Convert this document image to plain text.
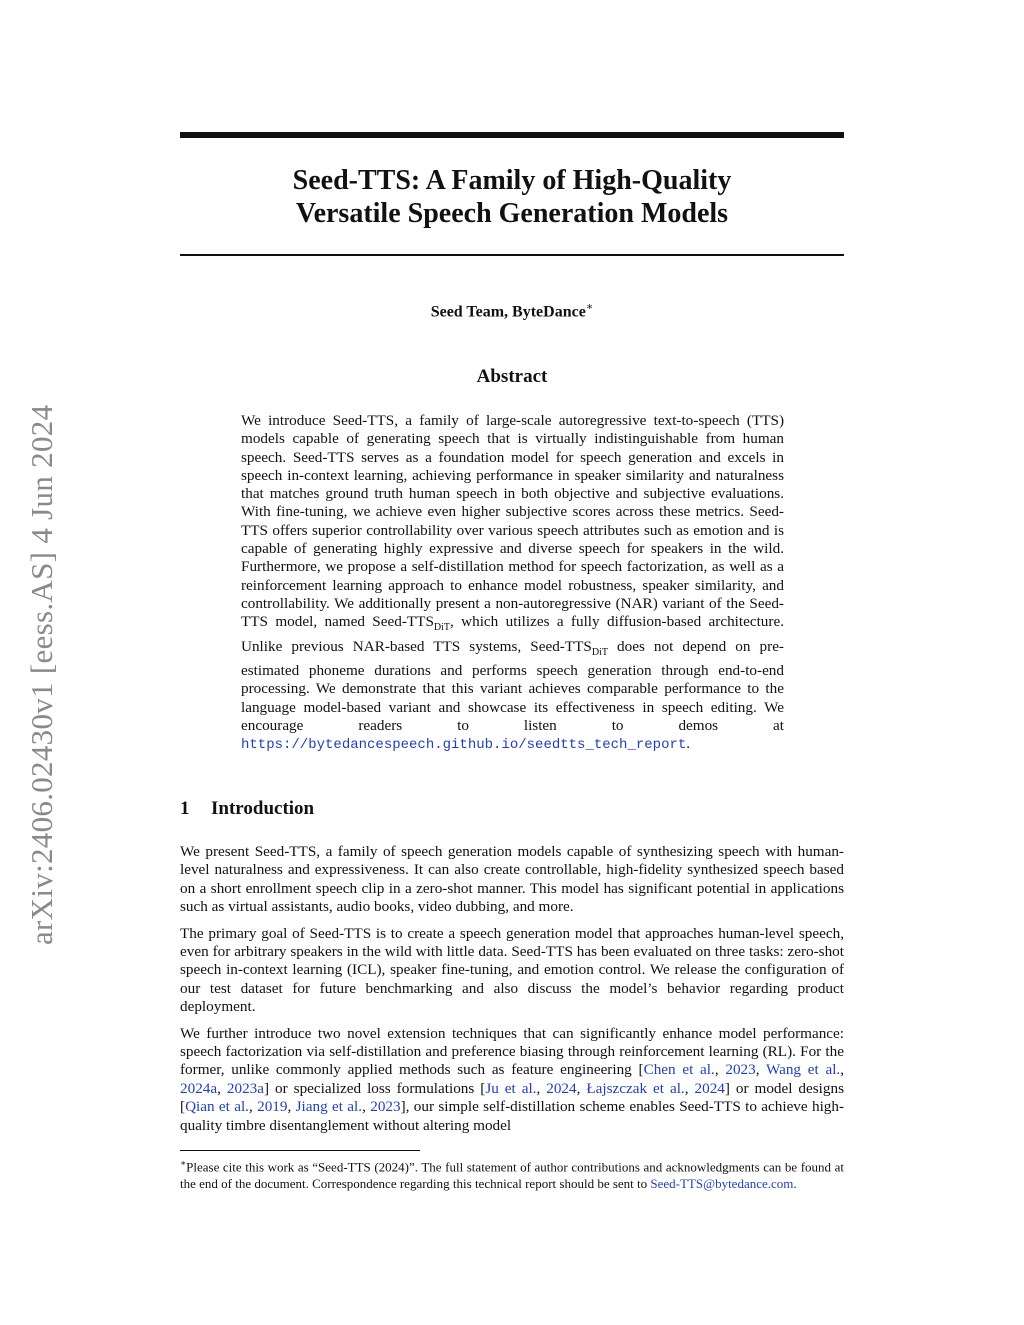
arXiv:2406.02430v1 [eess.AS] 4 Jun 2024
Seed-TTS: A Family of High-Quality
Versatile Speech Generation Models
Seed Team, ByteDance∗
Abstract

We introduce Seed-TTS, a family of large-scale autoregressive text-to-speech (TTS) models capable of generating speech that is virtually indistinguishable from human speech. Seed-TTS serves as a foundation model for speech generation and excels in speech in-context learning, achieving performance in speaker similarity and naturalness that matches ground truth human speech in both objective and subjective evaluations. With fine-tuning, we achieve even higher subjective scores across these metrics. Seed-TTS offers superior controllability over various speech attributes such as emotion and is capable of generating highly expressive and diverse speech for speakers in the wild. Furthermore, we propose a self-distillation method for speech factorization, as well as a reinforcement learning approach to enhance model robustness, speaker similarity, and controllability. We additionally present a non-autoregressive (NAR) variant of the Seed-TTS model, named Seed-$TTS_{DiT}$, which utilizes a fully diffusion-based architecture. Unlike previous NAR-based TTS systems, Seed-$TTS_{DiT}$ does not depend on pre-estimated phoneme durations and performs speech generation through end-to-end processing. We demonstrate that this variant achieves comparable performance to the language model-based variant and showcase its effectiveness in speech editing. We encourage readers to listen to demos at https://bytedancespeech.github.io/seedtts_tech_report.

1 Introduction

We present Seed-TTS, a family of speech generation models capable of synthesizing speech with human-level naturalness and expressiveness. It can also create controllable, high-fidelity synthesized speech based on a short enrollment speech clip in a zero-shot manner. This model has significant potential in applications such as virtual assistants, audio books, video dubbing, and more.

The primary goal of Seed-TTS is to create a speech generation model that approaches human-level speech, even for arbitrary speakers in the wild with little data. Seed-TTS has been evaluated on three tasks: zero-shot speech in-context learning (ICL), speaker fine-tuning, and emotion control. We release the configuration of our test dataset for future benchmarking and also discuss the model’s behavior regarding product deployment.

We further introduce two novel extension techniques that can significantly enhance model performance: speech factorization via self-distillation and preference biasing through reinforcement learning (RL). For the former, unlike commonly applied methods such as feature engineering [Chen et al., 2023, Wang et al., 2024a, 2023a] or specialized loss formulations [Ju et al., 2024, Łajszczak et al., 2024] or model designs [Qian et al., 2019, Jiang et al., 2023], our simple self-distillation scheme enables Seed-TTS to achieve high-quality timbre disentanglement without altering model

∗Please cite this work as “Seed-TTS (2024)”. The full statement of author contributions and acknowledgments can be found at the end of the document. Correspondence regarding this technical report should be sent to Seed-TTS@bytedance.com.
